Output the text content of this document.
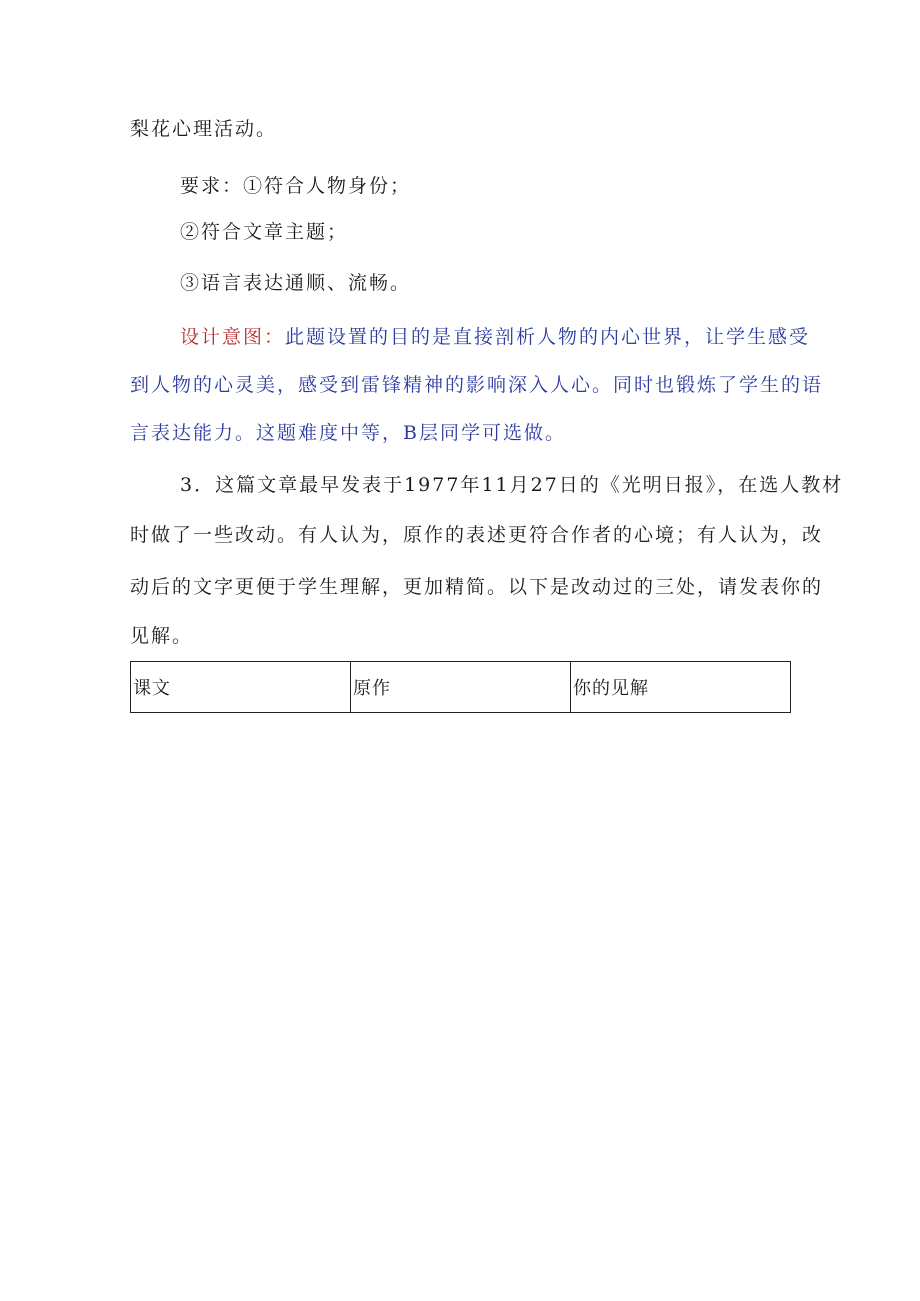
梨花心理活动。
要求：①符合人物身份；
②符合文章主题；
③语言表达通顺、流畅。
设计意图：此题设置的目的是直接剖析人物的内心世界，让学生感受
到人物的心灵美，感受到雷锋精神的影响深入人心。同时也锻炼了学生的语
言表达能力。这题难度中等，B层同学可选做。
3．这篇文章最早发表于1977年11月27日的《光明日报》，在选人教材
时做了一些改动。有人认为，原作的表述更符合作者的心境；有人认为，改
动后的文字更便于学生理解，更加精简。以下是改动过的三处，请发表你的
见解。
课文	原作	你的见解
